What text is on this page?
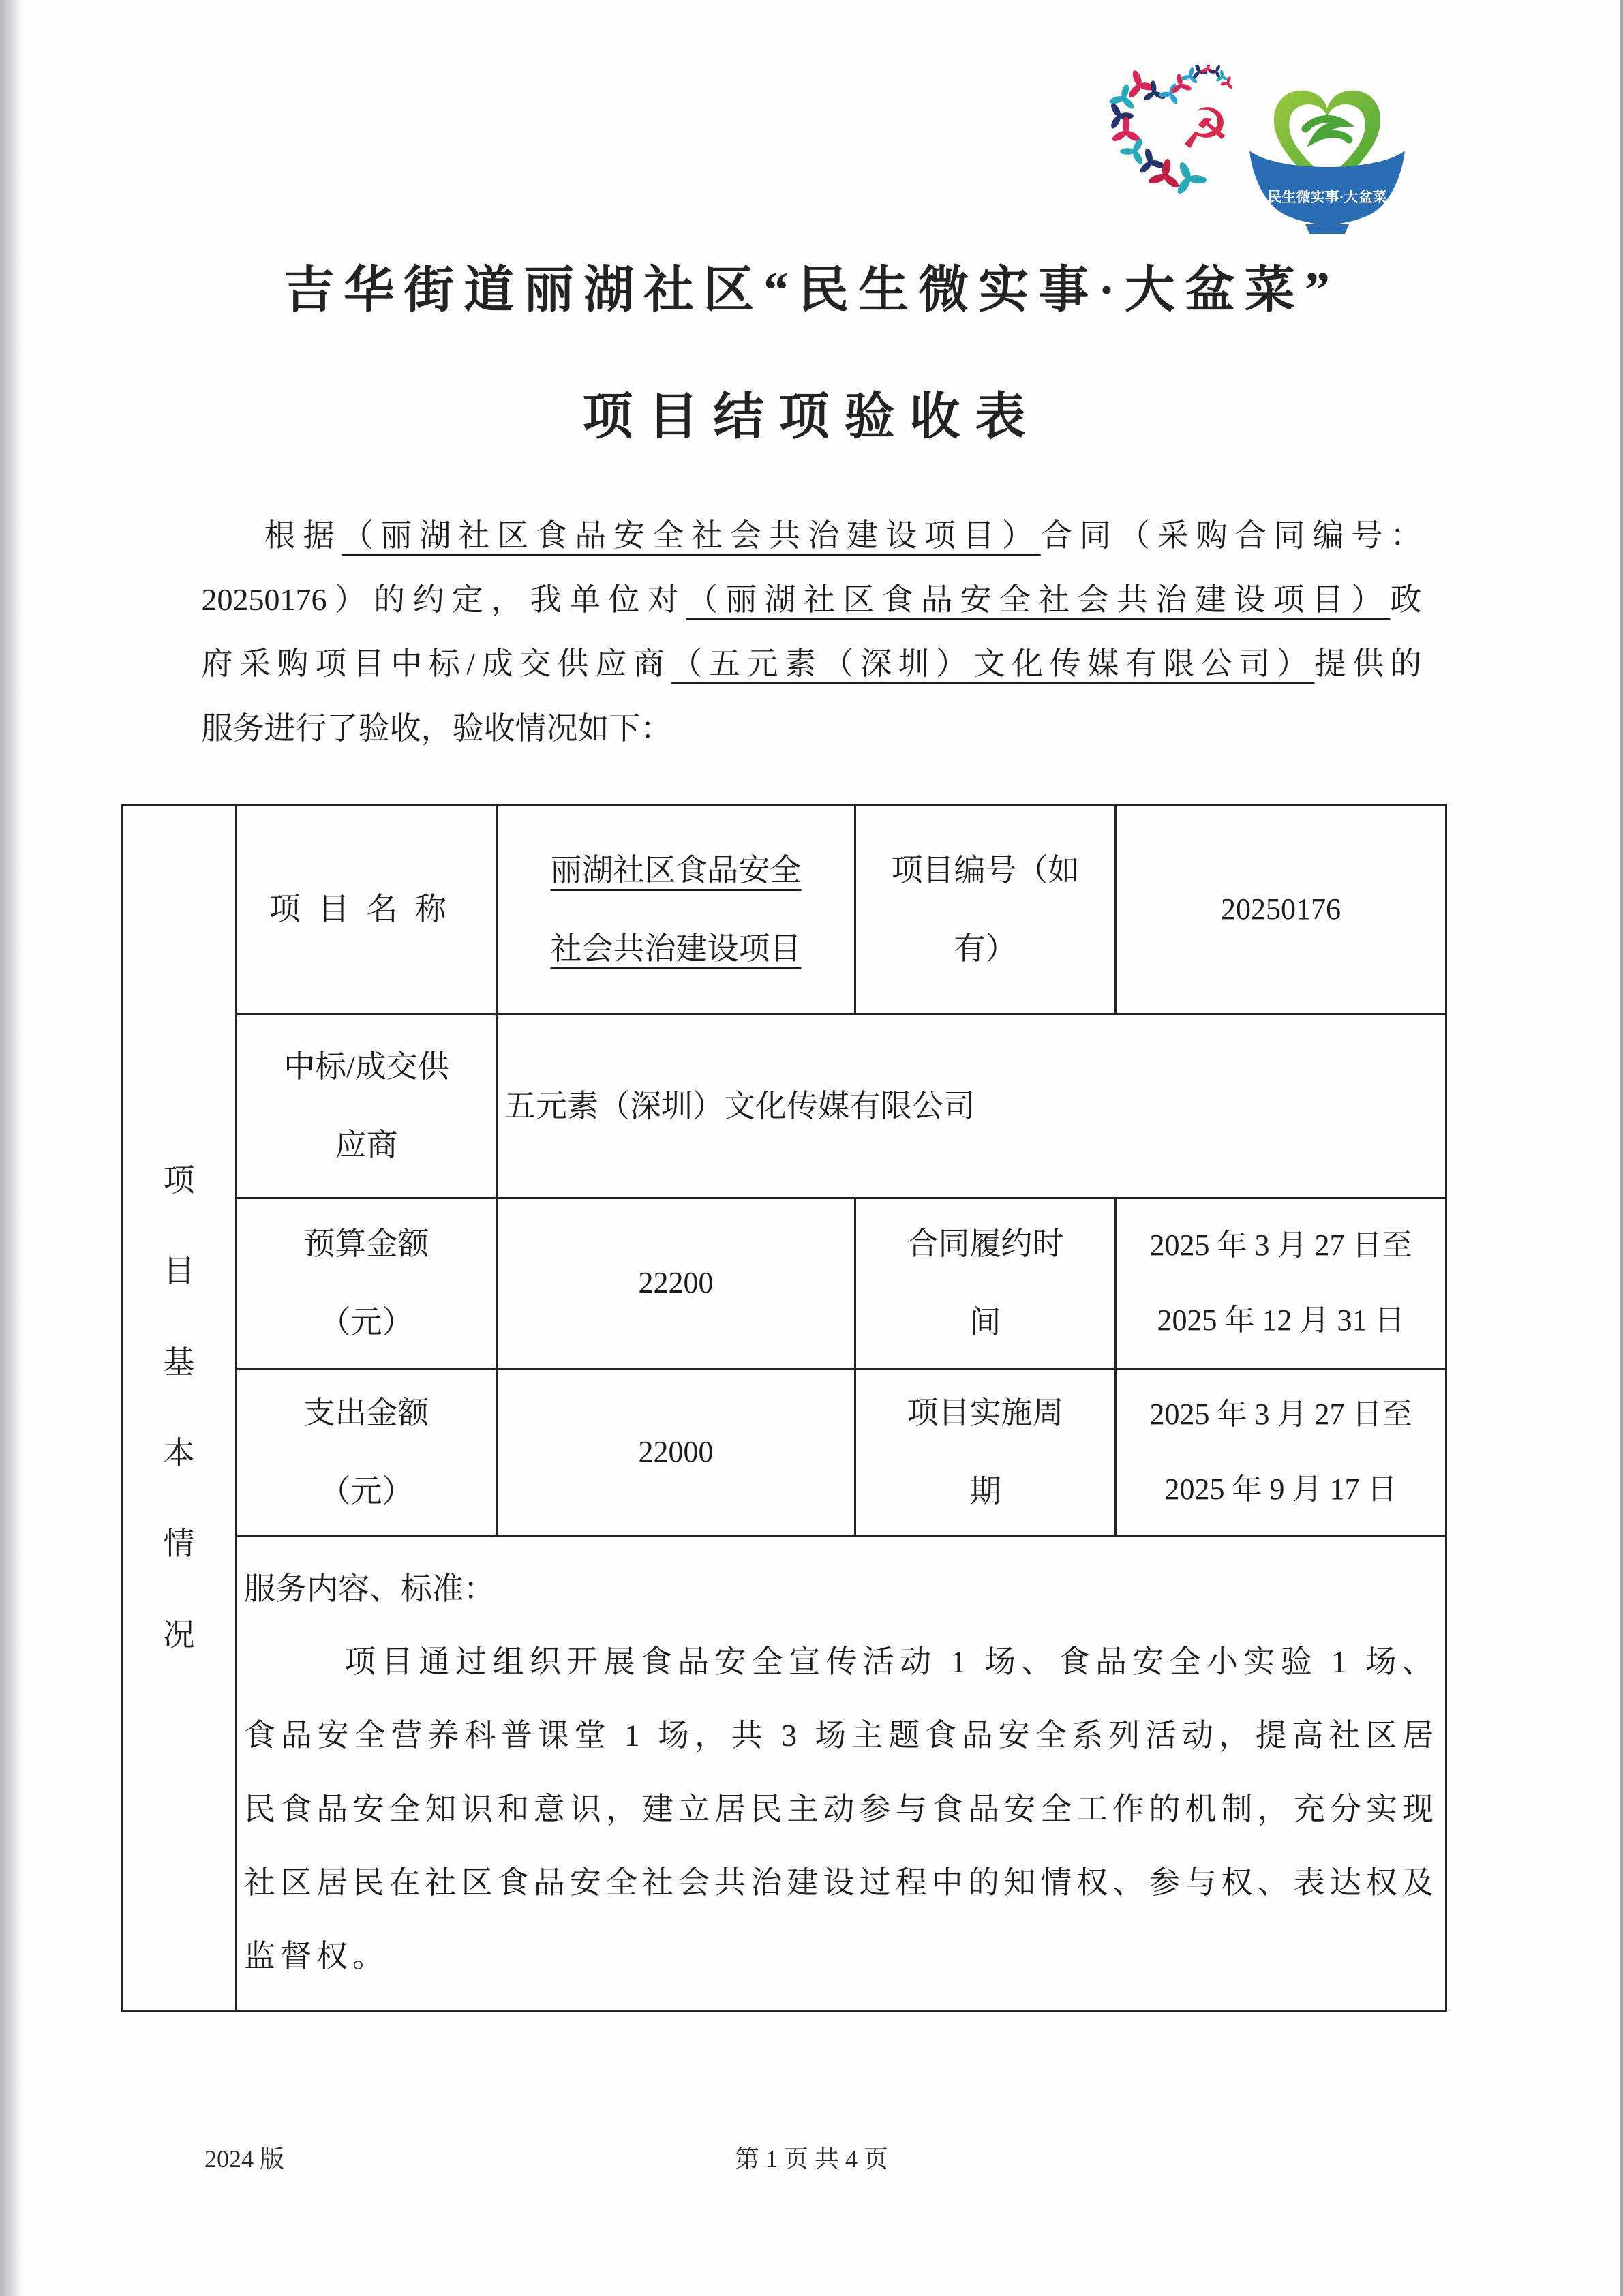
☭
民生微实事·大盆菜
吉华街道丽湖社区“民生微实事·大盆菜”
项目结项验收表

根据（丽湖社区食品安全社会共治建设项目）合同（采购合同编号：
20250176）的约定，我单位对（丽湖社区食品安全社会共治建设项目）政
府采购项目中标/成交供应商（五元素（深圳）文化传媒有限公司）提供的
服务进行了验收，验收情况如下：

项目基本情况	项目名称	丽湖社区食品安全
社会共治建设项目	项目编号（如
有）	20250176

	中标/成交供
应商	五元素（深圳）文化传媒有限公司		

	预算金额
（元）	22200	合同履约时
间	2025 年 3 月 27 日至
2025 年 12 月 31 日

	支出金额
（元）	22000	项目实施周
期	2025 年 3 月 27 日至
2025 年 9 月 17 日

	服务内容、标准：

项目通过组织开展食品安全宣传活动 1 场、食品安全小实验 1 场、食品安全营养科普课堂 1 场，共 3 场主题食品安全系列活动，提高社区居民食品安全知识和意识，建立居民主动参与食品安全工作的机制，充分实现社区居民在社区食品安全社会共治建设过程中的知情权、参与权、表达权及监督权。			

2024 版	第 1 页 共 4 页
